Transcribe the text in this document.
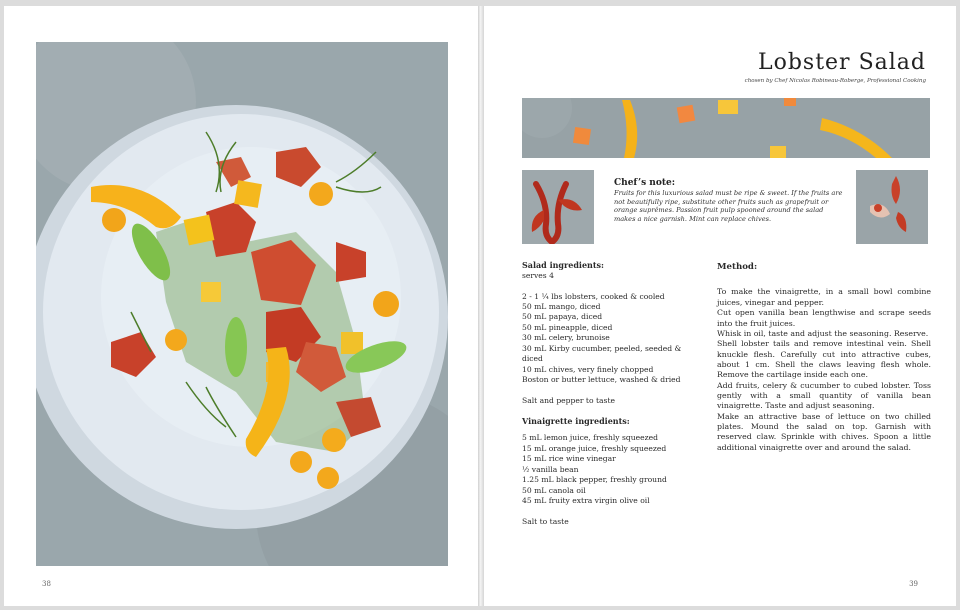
38
Lobster Salad
chosen by Chef Nicolas Robineau-Roberge, Professional Cooking
Chef’s note:
Fruits for this luxurious salad must be ripe & sweet. If the fruits are not beautifully ripe, substitute other fruits such as grapefruit or orange suprêmes. Passion fruit pulp spooned around the salad makes a nice garnish. Mint can replace chives.
Salad ingredients:
serves 4
2 - 1 ¼ lbs lobsters, cooked & cooled
50 mL mango, diced
50 mL papaya, diced
50 mL pineapple, diced
30 mL celery, brunoise
30 mL Kirby cucumber, peeled, seeded & diced
10 mL chives, very finely chopped
Boston or butter lettuce, washed & dried
Salt and pepper to taste
Vinaigrette ingredients:
5 mL lemon juice, freshly squeezed
15 mL orange juice, freshly squeezed
15 mL rice wine vinegar
½ vanilla bean
1.25 mL black pepper, freshly ground
50 mL canola oil
45 mL fruity extra virgin olive oil
Salt to taste
Method:

To make the vinaigrette, in a small bowl combine juices, vinegar and pepper.

Cut open vanilla bean lengthwise and scrape seeds into the fruit juices.

Whisk in oil, taste and adjust the seasoning. Reserve.

Shell lobster tails and remove intestinal vein. Shell knuckle flesh. Carefully cut into attractive cubes, about 1 cm. Shell the claws leaving flesh whole. Remove the cartilage inside each one.

Add fruits, celery & cucumber to cubed lobster. Toss gently with a small quantity of vanilla bean vinaigrette. Taste and adjust seasoning.

Make an attractive base of lettuce on two chilled plates. Mound the salad on top. Garnish with reserved claw. Sprinkle with chives. Spoon a little additional vinaigrette over and around the salad.

39
